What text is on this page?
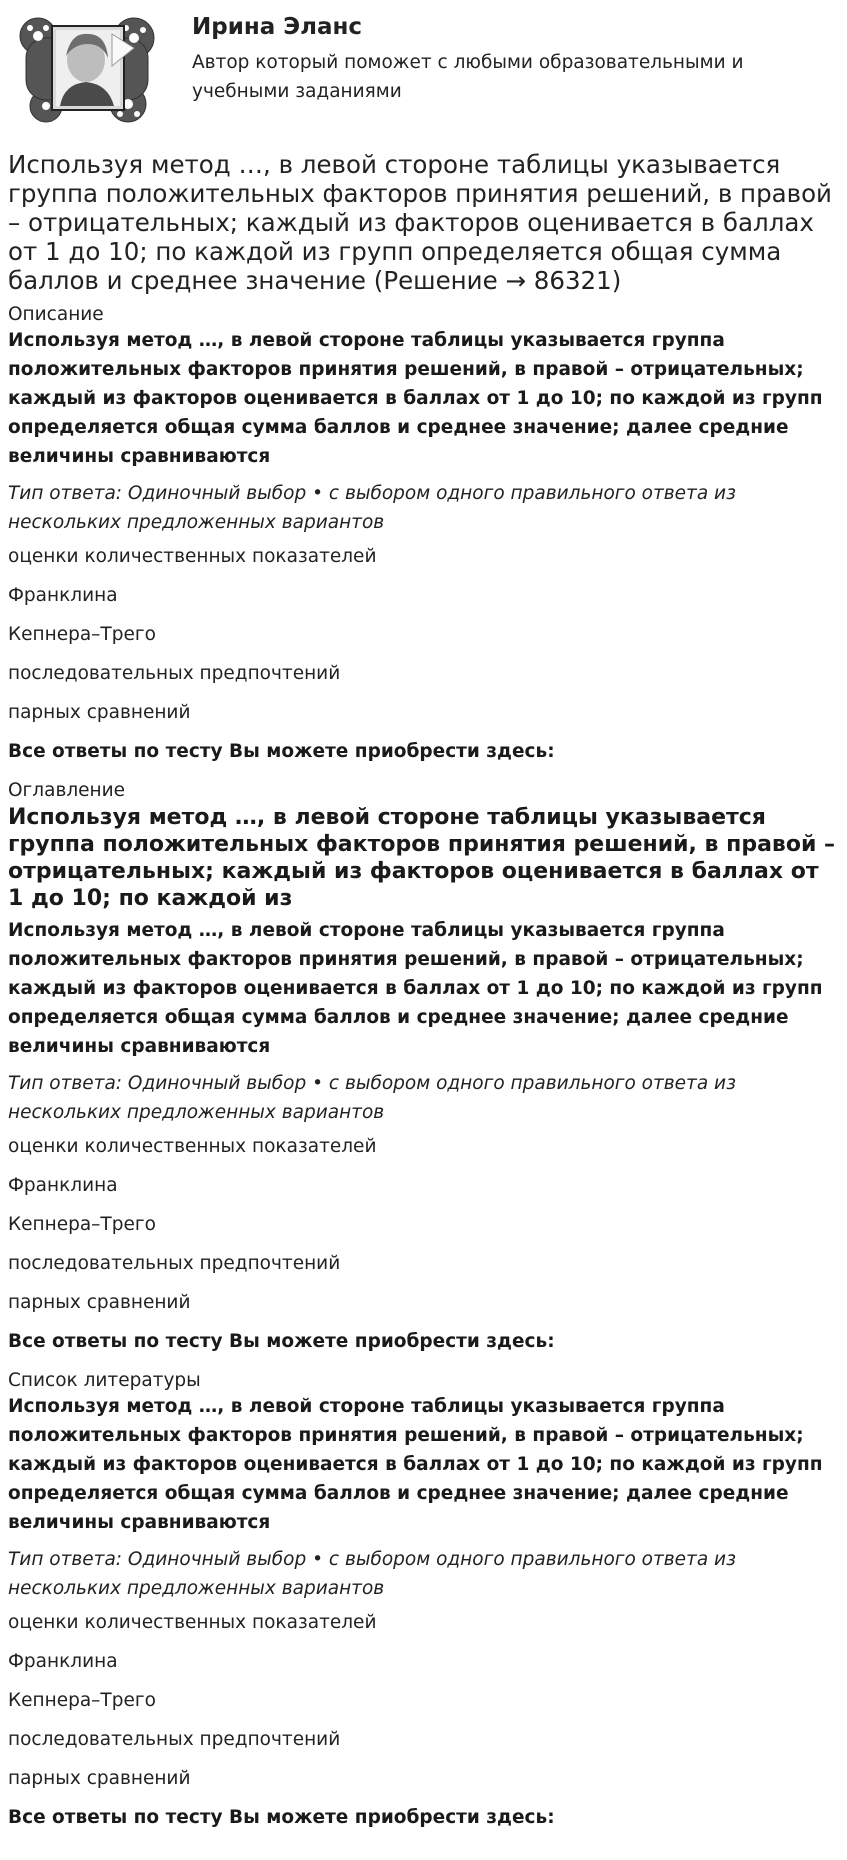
Ирина Эланс
Автор который поможет с любыми образовательными и учебными заданиями
Используя метод …, в левой стороне таблицы указывается группа положительных факторов принятия решений, в правой – отрицательных; каждый из факторов оценивается в баллах от 1 до 10; по каждой из групп определяется общая сумма баллов и среднее значение (Решение → 86321)
Описание
Используя метод …, в левой стороне таблицы указывается группа положительных факторов принятия решений, в правой – отрицательных; каждый из факторов оценивается в баллах от 1 до 10; по каждой из групп определяется общая сумма баллов и среднее значение; далее средние величины сравниваются
Тип ответа: Одиночный выбор • с выбором одного правильного ответа из нескольких предложенных вариантов
оценки количественных показателей
Франклина
Кепнера–Трего
последовательных предпочтений
парных сравнений
Все ответы по тесту Вы можете приобрести здесь:
Оглавление
Используя метод …, в левой стороне таблицы указывается группа положительных факторов принятия решений, в правой – отрицательных; каждый из факторов оценивается в баллах от 1 до 10; по каждой из
Используя метод …, в левой стороне таблицы указывается группа положительных факторов принятия решений, в правой – отрицательных; каждый из факторов оценивается в баллах от 1 до 10; по каждой из групп определяется общая сумма баллов и среднее значение; далее средние величины сравниваются
Тип ответа: Одиночный выбор • с выбором одного правильного ответа из нескольких предложенных вариантов
оценки количественных показателей
Франклина
Кепнера–Трего
последовательных предпочтений
парных сравнений
Все ответы по тесту Вы можете приобрести здесь:
Список литературы
Используя метод …, в левой стороне таблицы указывается группа положительных факторов принятия решений, в правой – отрицательных; каждый из факторов оценивается в баллах от 1 до 10; по каждой из групп определяется общая сумма баллов и среднее значение; далее средние величины сравниваются
Тип ответа: Одиночный выбор • с выбором одного правильного ответа из нескольких предложенных вариантов
оценки количественных показателей
Франклина
Кепнера–Трего
последовательных предпочтений
парных сравнений
Все ответы по тесту Вы можете приобрести здесь:
